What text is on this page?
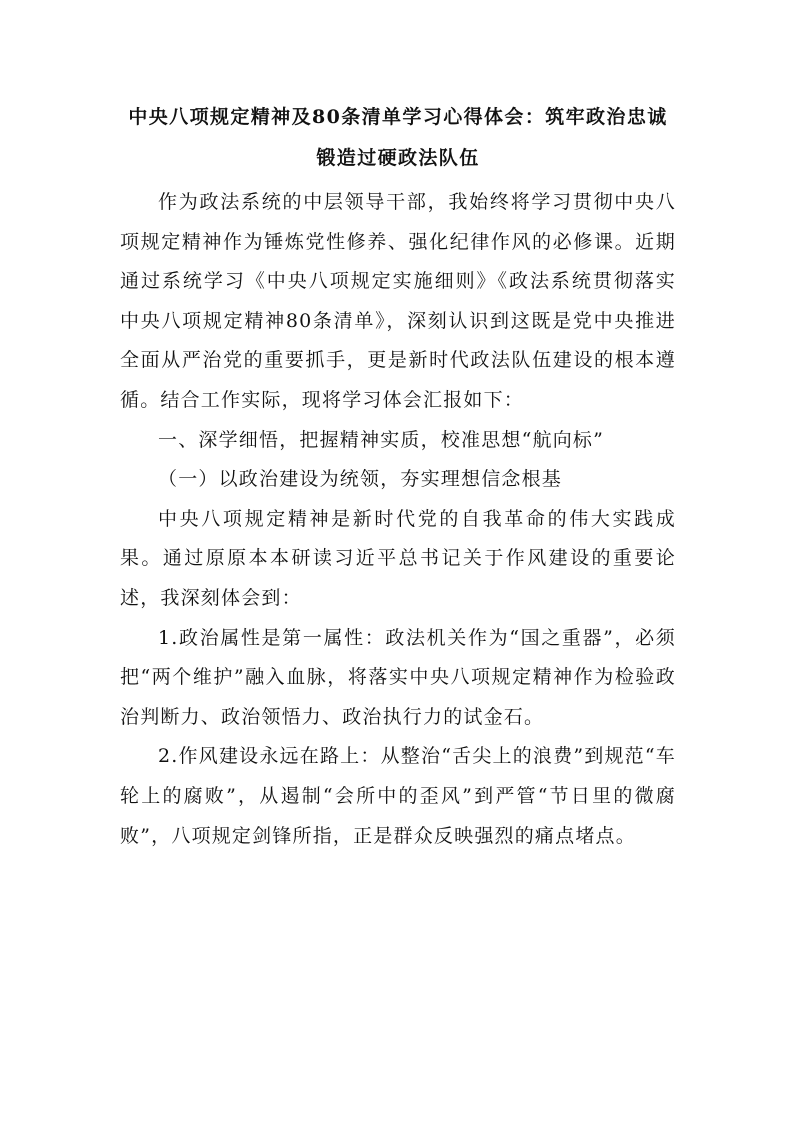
中央八项规定精神及80条清单学习心得体会：筑牢政治忠诚锻造过硬政法队伍

作为政法系统的中层领导干部，我始终将学习贯彻中央八项规定精神作为锤炼党性修养、强化纪律作风的必修课。近期通过系统学习《中央八项规定实施细则》《政法系统贯彻落实中央八项规定精神80条清单》，深刻认识到这既是党中央推进全面从严治党的重要抓手，更是新时代政法队伍建设的根本遵循。结合工作实际，现将学习体会汇报如下：

一、深学细悟，把握精神实质，校准思想“航向标”

（一）以政治建设为统领，夯实理想信念根基

中央八项规定精神是新时代党的自我革命的伟大实践成果。通过原原本本研读习近平总书记关于作风建设的重要论述，我深刻体会到：

1.政治属性是第一属性：政法机关作为“国之重器”，必须把“两个维护”融入血脉，将落实中央八项规定精神作为检验政治判断力、政治领悟力、政治执行力的试金石。

2.作风建设永远在路上：从整治“舌尖上的浪费”到规范“车轮上的腐败”，从遏制“会所中的歪风”到严管“节日里的微腐败”，八项规定剑锋所指，正是群众反映强烈的痛点堵点。
